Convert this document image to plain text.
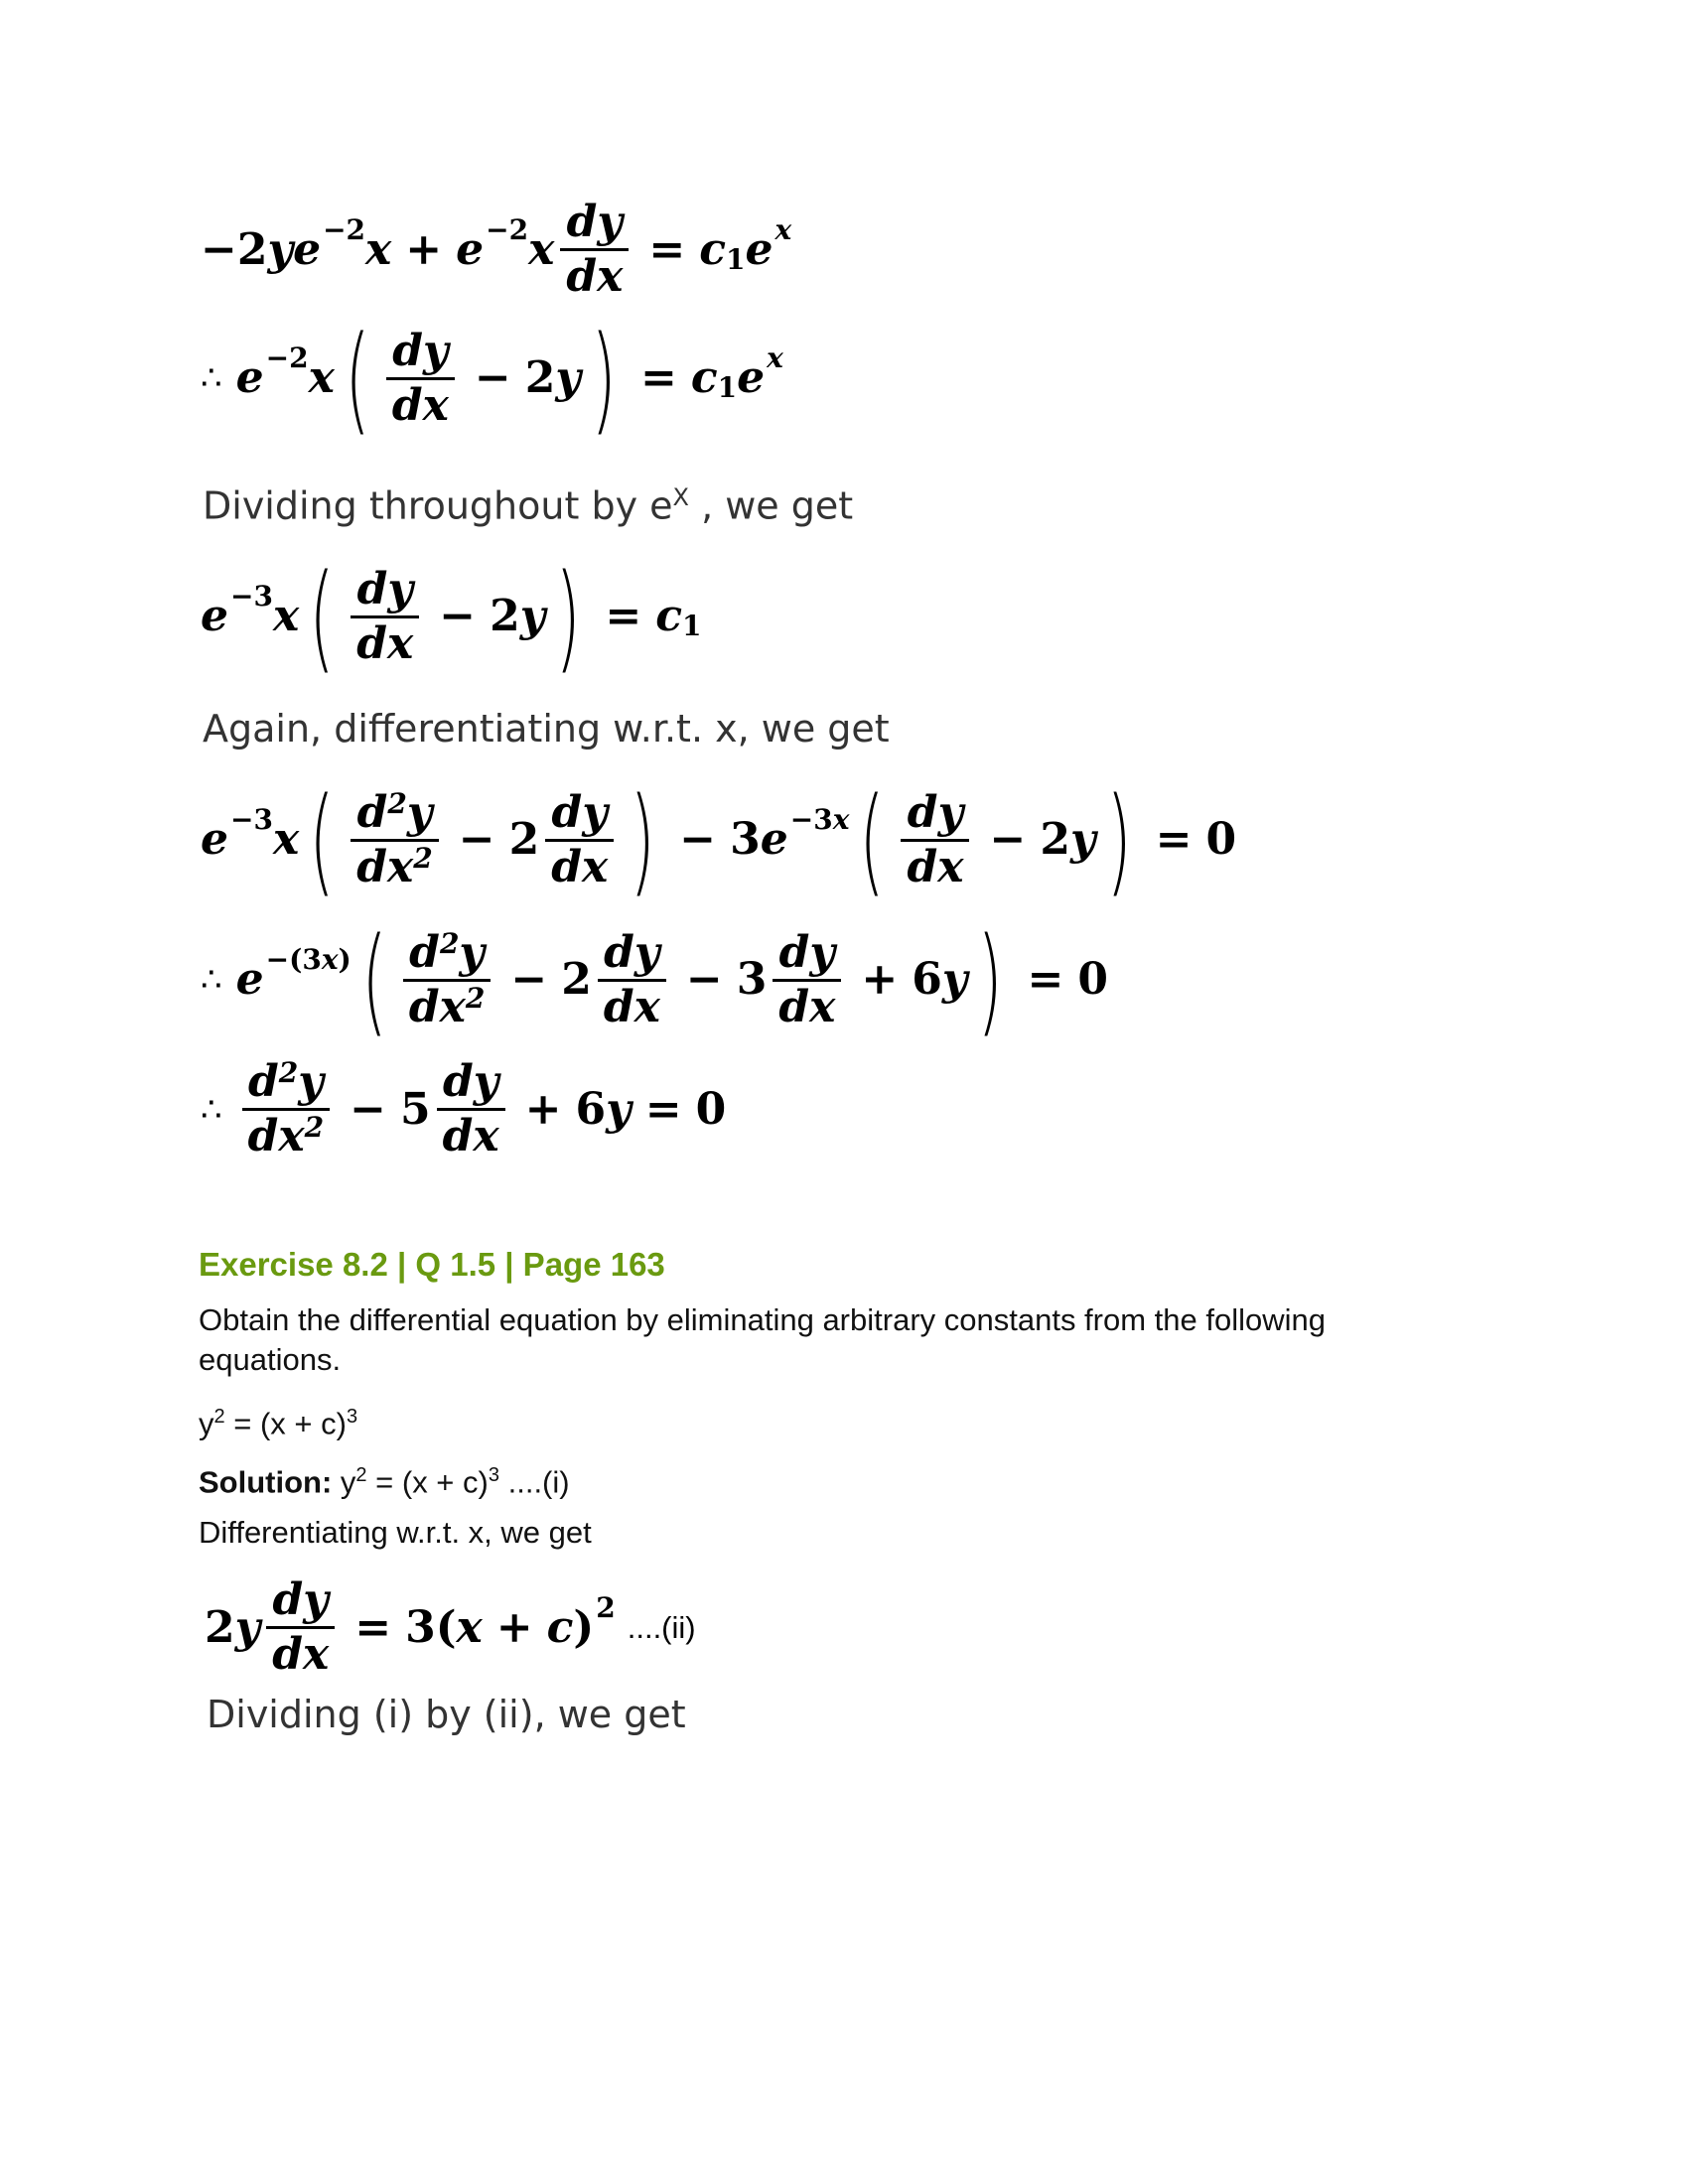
−2ye −2 x + e −2 x $\frac{dy}{dx} = c$ 1 e x
∴ e −2 x ( $\frac{dy}{dx} - 2$ y ) = c 1 e x
Dividing throughout by $e^X$ , we get
e −3 x ( $\frac{dy}{dx} - 2$ y ) = c 1
Again, differentiating w.r.t. x, we get
e −3 x ( $\frac{d^2y}{dx^2} - 2 \frac{dy}{dx}$ ) − 3 e −3x ( $\frac{dy}{dx} - 2$ y ) = 0
∴ e −(3x) ( $\frac{d^2y}{dx^2} - 2 \frac{dy}{dx} - 3 \frac{dy}{dx} + 6$ y ) = 0
∴ $\frac{d^2y}{dx^2} - 5 \frac{dy}{dx} + 6$ y = 0
Exercise 8.2 | Q 1.5 | Page 163
Obtain the differential equation by eliminating arbitrary constants from the following
equations.
$y^2 = (x + c)^3$
Solution: $y^2 = (x + c)^3$ ....(i)
Differentiating w.r.t. x, we get
2 y $\frac{dy}{dx} = 3$( x + c ) 2
....(ii)
Dividing (i) by (ii), we get
